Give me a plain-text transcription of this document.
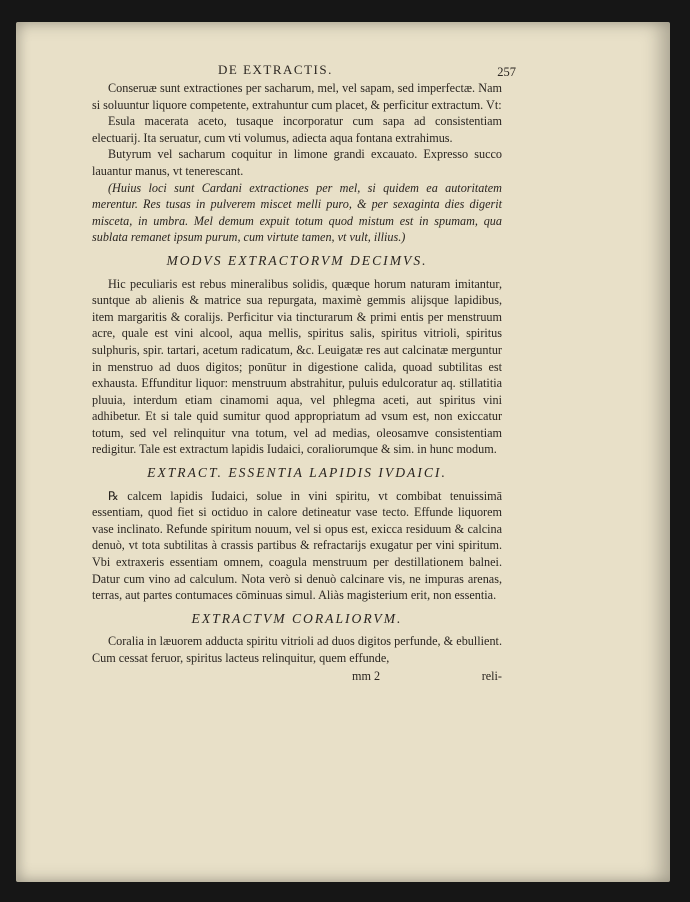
DE EXTRACTIS.	257

Conseruæ sunt extractiones per sacharum, mel, vel sapam, sed imperfectæ. Nam si soluuntur liquore competente, extrahuntur cum placet, & perficitur extractum. Vt:

Esula macerata aceto, tusaque incorporatur cum sapa ad consistentiam electuarij. Ita seruatur, cum vti volumus, adiecta aqua fontana extrahimus.

Butyrum vel sacharum coquitur in limone grandi excauato. Expresso succo lauantur manus, vt tenerescant.

(Huius loci sunt Cardani extractiones per mel, si quidem ea autoritatem merentur. Res tusas in pulverem miscet melli puro, & per sexaginta dies digerit misceta, in umbra. Mel demum expuit totum quod mistum est in spumam, qua sublata remanet ipsum purum, cum virtute tamen, vt vult, illius.)

MODVS EXTRACTORVM DECIMVS.

Hic peculiaris est rebus mineralibus solidis, quæque horum naturam imitantur, suntque ab alienis & matrice sua repurgata, maximè gemmis alijsque lapidibus, item margaritis & coralijs. Perficitur via tincturarum & primi entis per menstruum acre, quale est vini alcool, aqua mellis, spiritus salis, spiritus vitrioli, spiritus sulphuris, spir. tartari, acetum radicatum, &c. Leuigatæ res aut calcinatæ merguntur in menstruo ad duos digitos; ponūtur in digestione calida, quoad subtilitas est exhausta. Effunditur liquor: menstruum abstrahitur, puluis edulcoratur aq. stillatitia pluuia, interdum etiam cinamomi aqua, vel phlegma aceti, aut spiritus vini adhibetur. Et si tale quid sumitur quod appropriatum ad vsum est, non exiccatur totum, sed vel relinquitur vna totum, vel ad medias, oleosamve consistentiam redigitur. Tale est extractum lapidis Iudaici, coraliorumque & sim. in hunc modum.

EXTRACT. ESSENTIA LAPIDIS IVDAICI.

℞ calcem lapidis Iudaici, solue in vini spiritu, vt combibat tenuissimā essentiam, quod fiet si octiduo in calore detineatur vase tecto. Effunde liquorem vase inclinato. Refunde spiritum nouum, vel si opus est, exicca residuum & calcina denuò, vt tota subtilitas à crassis partibus & refractarijs exugatur per vini spiritum. Vbi extraxeris essentiam omnem, coagula menstruum per destillationem balnei. Datur cum vino ad calculum. Nota verò si denuò calcinare vis, ne impuras arenas, terras, aut partes contumaces cōminuas simul. Aliàs magisterium erit, non essentia.

EXTRACTVM CORALIORVM.

Coralia in læuorem adducta spiritu vitrioli ad duos digitos perfunde, & ebullient. Cum cessat feruor, spiritus lacteus relinquitur, quem effunde,

mm 2	reli-
